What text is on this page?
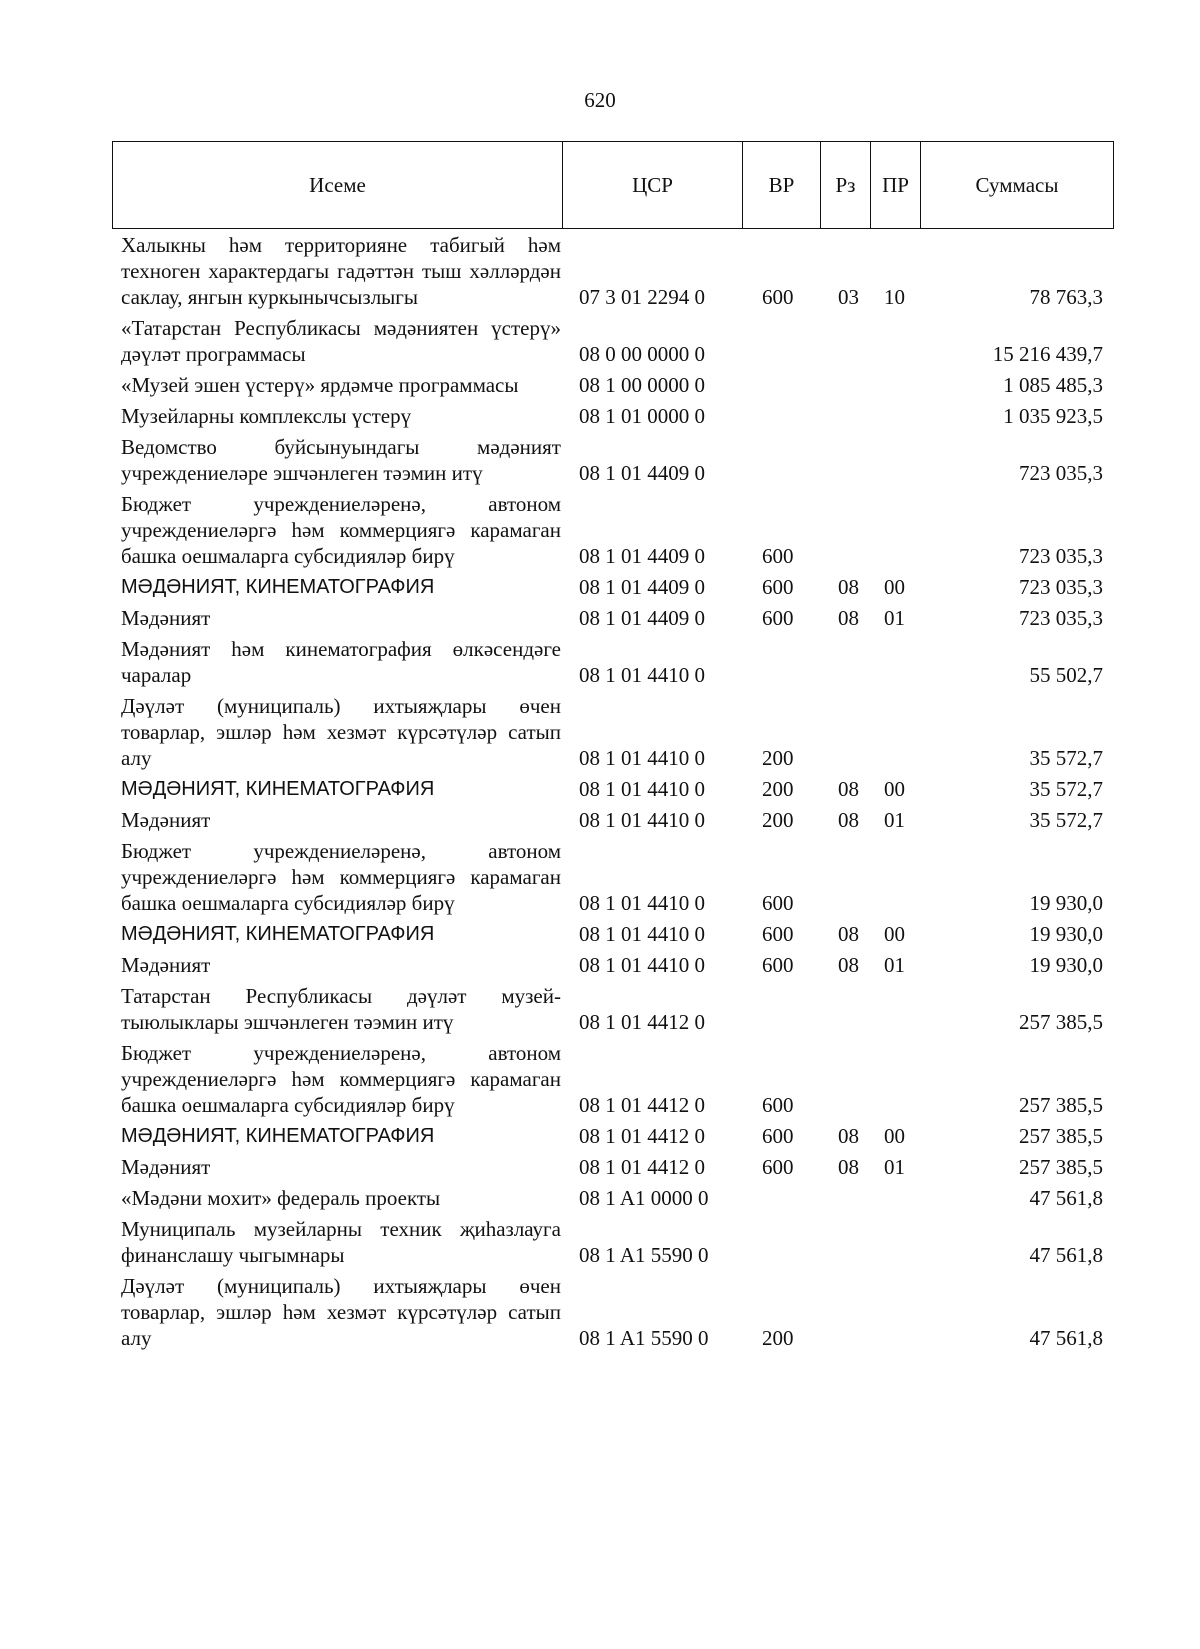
620
Исеме	ЦСР	ВР	Рз	ПР	Суммасы
Халыкны һәм территорияне табигый һәм техноген характердагы гадәттән тыш хәлләрдән саклау, янгын куркынычсызлыгы	07 3 01 2294 0	600	03	10	78 763,3
«Татарстан Республикасы мәдәниятен үстерү» дәүләт программасы	08 0 00 0000 0	15 216 439,7
«Музей эшен үстерү» ярдәмче программасы	08 1 00 0000 0	1 085 485,3
Музейларны комплекслы үстерү	08 1 01 0000 0	1 035 923,5
Ведомство буйсынуындагы мәдәният учреждениеләре эшчәнлеген тәэмин итү	08 1 01 4409 0	723 035,3
Бюджет учреждениеләренә, автоном учреждениеләргә һәм коммерциягә карамаган башка оешмаларга субсидияләр бирү	08 1 01 4409 0	600	723 035,3
МӘДӘНИЯТ, КИНЕМАТОГРАФИЯ	08 1 01 4409 0	600	08	00	723 035,3
Мәдәният	08 1 01 4409 0	600	08	01	723 035,3
Мәдәният һәм кинематография өлкәсендәге чаралар	08 1 01 4410 0	55 502,7
Дәүләт (муниципаль) ихтыяҗлары өчен товарлар, эшләр һәм хезмәт күрсәтүләр сатып алу	08 1 01 4410 0	200	35 572,7
МӘДӘНИЯТ, КИНЕМАТОГРАФИЯ	08 1 01 4410 0	200	08	00	35 572,7
Мәдәният	08 1 01 4410 0	200	08	01	35 572,7
Бюджет учреждениеләренә, автоном учреждениеләргә һәм коммерциягә карамаган башка оешмаларга субсидияләр бирү	08 1 01 4410 0	600	19 930,0
МӘДӘНИЯТ, КИНЕМАТОГРАФИЯ	08 1 01 4410 0	600	08	00	19 930,0
Мәдәният	08 1 01 4410 0	600	08	01	19 930,0
Татарстан Республикасы дәүләт музей-тыюлыклары эшчәнлеген тәэмин итү	08 1 01 4412 0	257 385,5
Бюджет учреждениеләренә, автоном учреждениеләргә һәм коммерциягә карамаган башка оешмаларга субсидияләр бирү	08 1 01 4412 0	600	257 385,5
МӘДӘНИЯТ, КИНЕМАТОГРАФИЯ	08 1 01 4412 0	600	08	00	257 385,5
Мәдәният	08 1 01 4412 0	600	08	01	257 385,5
«Мәдәни мохит» федераль проекты	08 1 A1 0000 0	47 561,8
Муниципаль музейларны техник җиһазлауга финанслашу чыгымнары	08 1 A1 5590 0	47 561,8
Дәүләт (муниципаль) ихтыяҗлары өчен товарлар, эшләр һәм хезмәт күрсәтүләр сатып алу	08 1 A1 5590 0	200	47 561,8
